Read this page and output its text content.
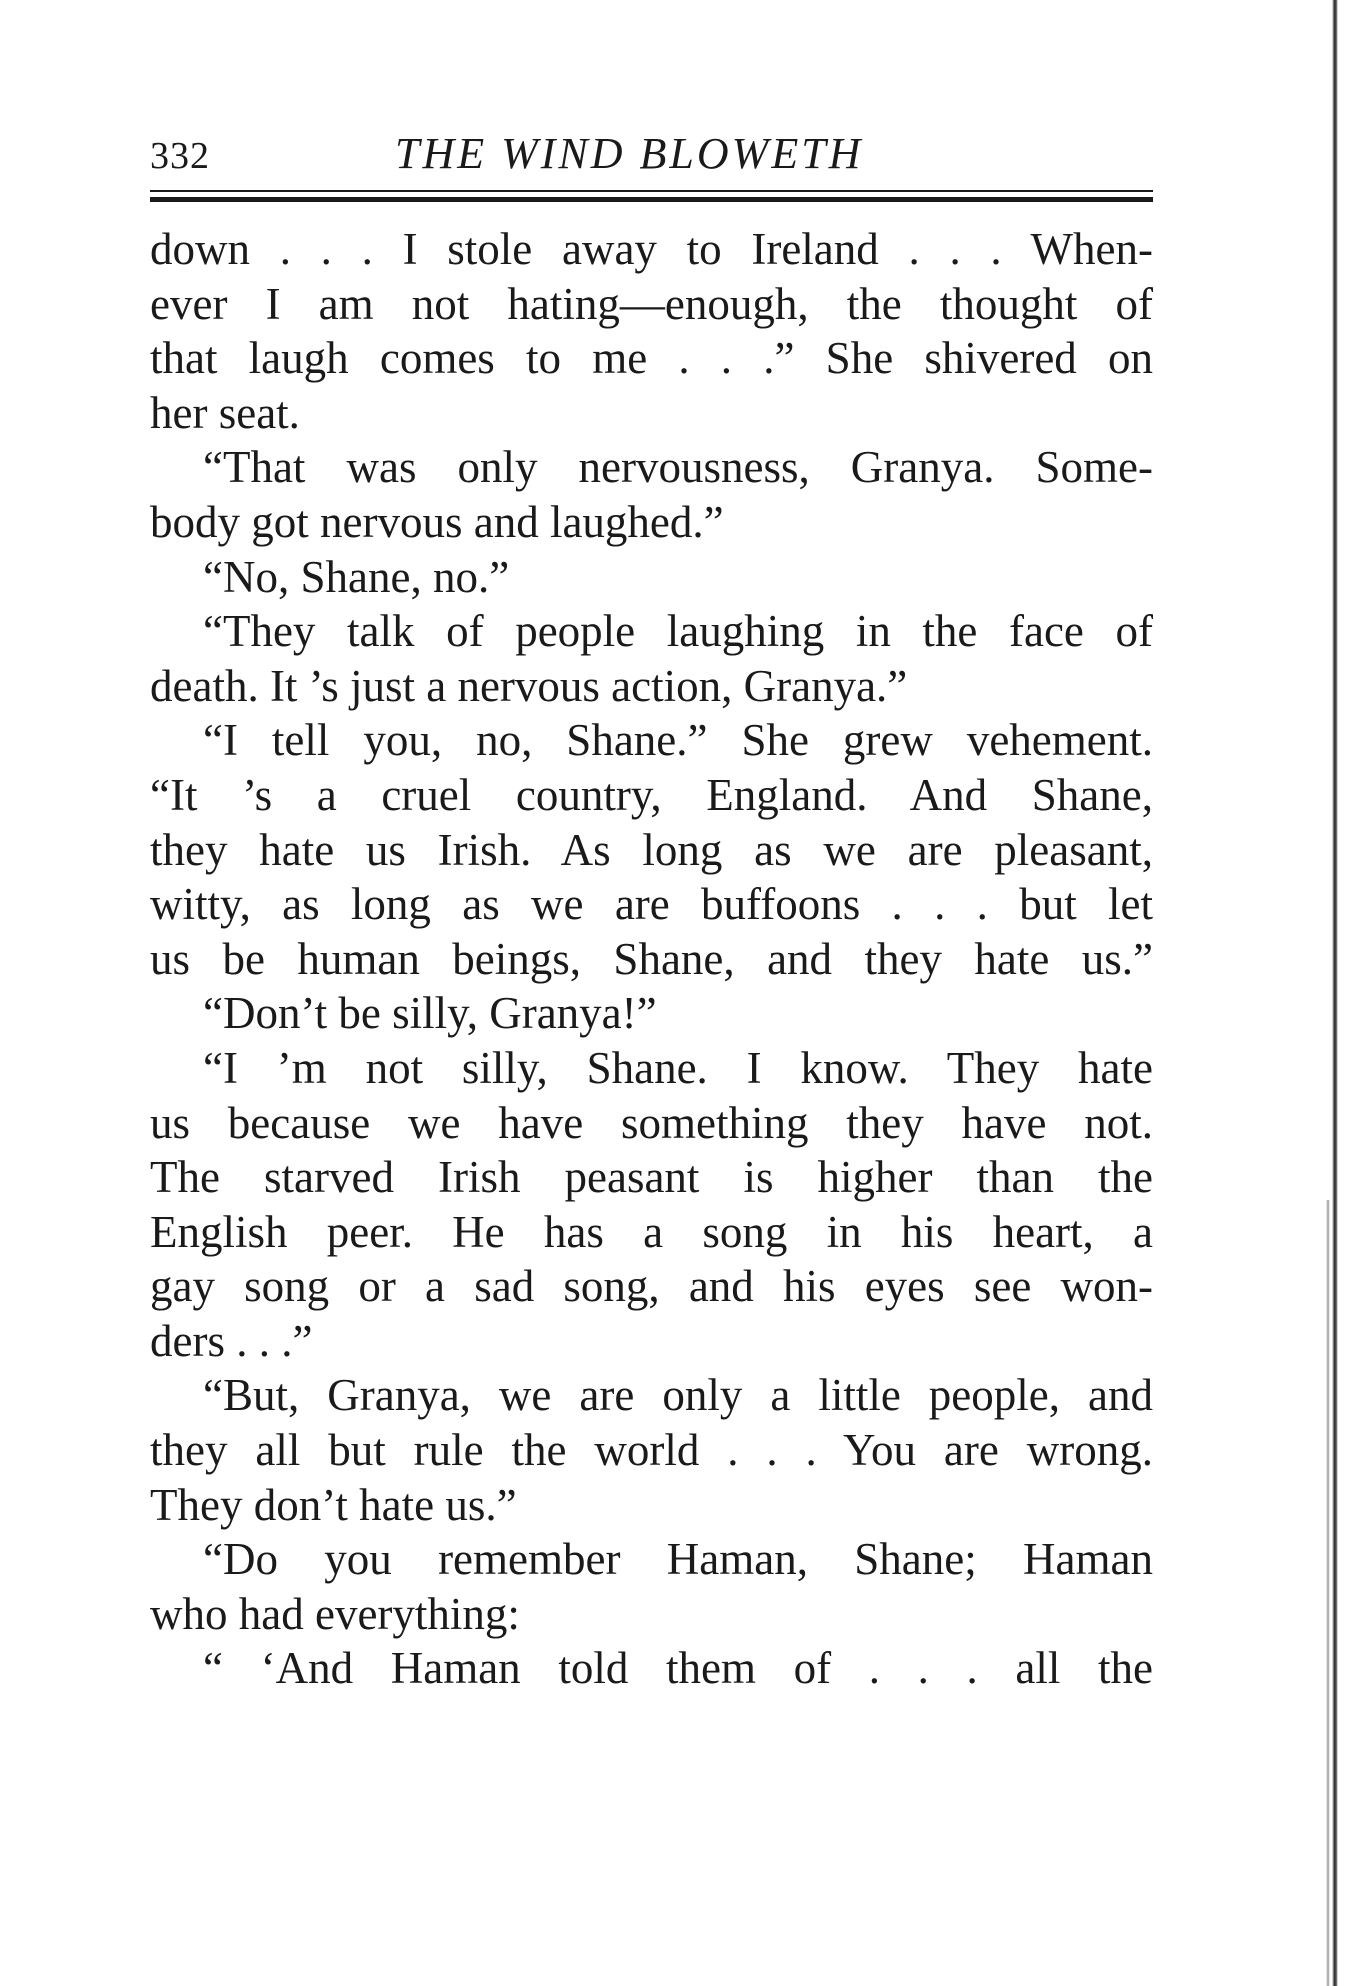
332	THE WIND BLOWETH
down . . . I stole away to Ireland . . . When-
ever I am not hating—enough, the thought of
that laugh comes to me . . .” She shivered on
her seat.
“That was only nervousness, Granya. Some-
body got nervous and laughed.”
“No, Shane, no.”
“They talk of people laughing in the face of
death. It ’s just a nervous action, Granya.”
“I tell you, no, Shane.” She grew vehement.
“It ’s a cruel country, England. And Shane,
they hate us Irish. As long as we are pleasant,
witty, as long as we are buffoons . . . but let
us be human beings, Shane, and they hate us.”
“Don’t be silly, Granya!”
“I ’m not silly, Shane. I know. They hate
us because we have something they have not.
The starved Irish peasant is higher than the
English peer. He has a song in his heart, a
gay song or a sad song, and his eyes see won-
ders . . .”
“But, Granya, we are only a little people, and
they all but rule the world . . . You are wrong.
They don’t hate us.”
“Do you remember Haman, Shane; Haman
who had everything:
“ ‘And Haman told them of . . . all the
